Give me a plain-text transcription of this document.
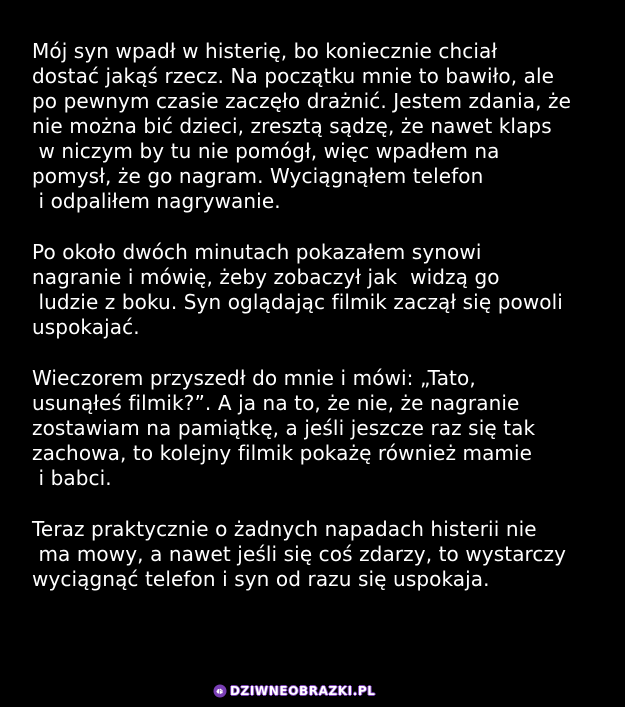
Mój syn wpadł w histerię, bo koniecznie chciał
dostać jakąś rzecz. Na początku mnie to bawiło, ale
po pewnym czasie zaczęło drażnić. Jestem zdania, że
nie można bić dzieci, zresztą sądzę, że nawet klaps
w niczym by tu nie pomógł, więc wpadłem na
pomysł, że go nagram. Wyciągnąłem telefon
i odpaliłem nagrywanie.
Po około dwóch minutach pokazałem synowi
nagranie i mówię, żeby zobaczył jak  widzą go
ludzie z boku. Syn oglądając filmik zaczął się powoli
uspokajać.
Wieczorem przyszedł do mnie i mówi: „Tato,
usunąłeś filmik?”. A ja na to, że nie, że nagranie
zostawiam na pamiątkę, a jeśli jeszcze raz się tak
zachowa, to kolejny filmik pokażę również mamie
i babci.
Teraz praktycznie o żadnych napadach histerii nie
ma mowy, a nawet jeśli się coś zdarzy, to wystarczy
wyciągnąć telefon i syn od razu się uspokaja.
DZIWNEOBRAZKI.PL
